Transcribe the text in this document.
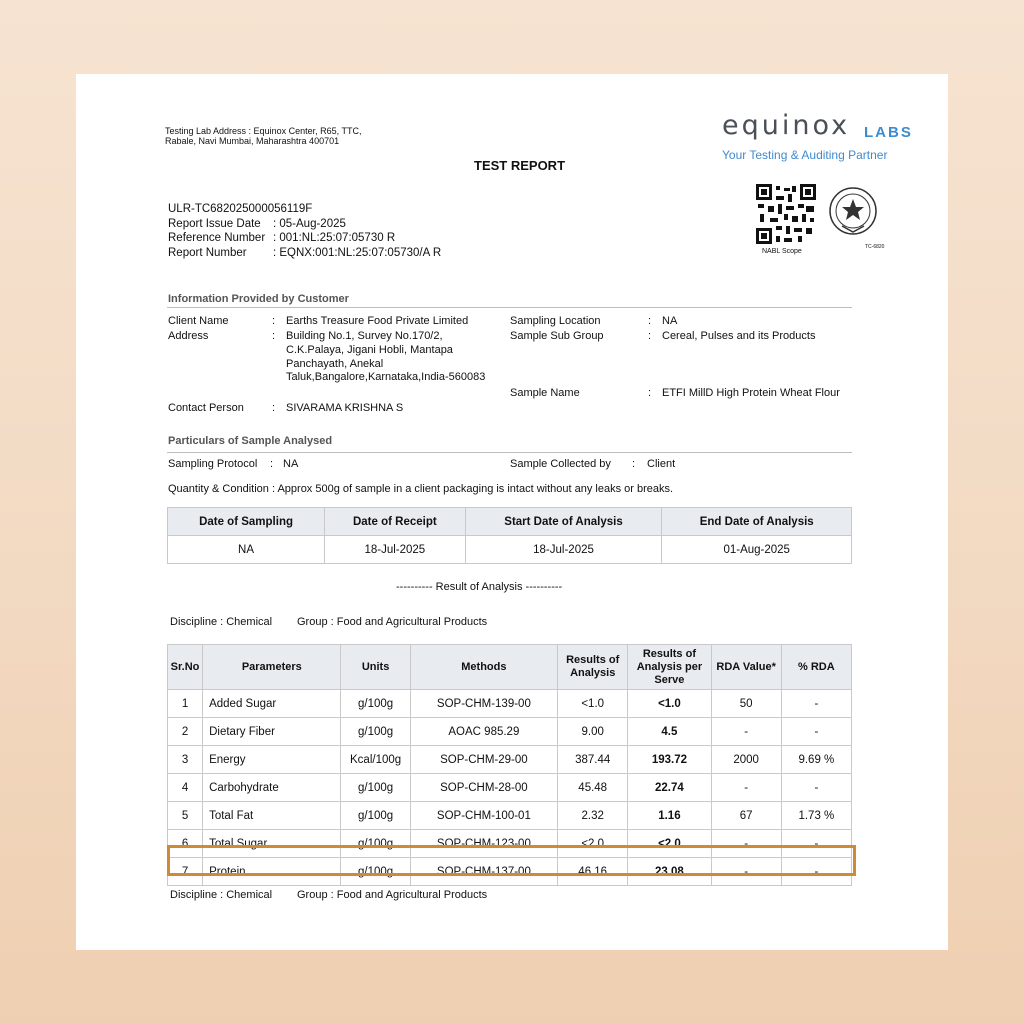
Testing Lab Address : Equinox Center, R65, TTC, Rabale, Navi Mumbai, Maharashtra 400701
TEST REPORT
equinox LABS
Your Testing & Auditing Partner
NABL Scope
TC-6820
ULR-TC682025000056119F
Report Issue Date : 05-Aug-2025
Reference Number : 001:NL:25:07:05730 R
Report Number : EQNX:001:NL:25:07:05730/A R
Information Provided by Customer
Client Name	: Earths Treasure Food Private Limited
Address	: Building No.1, Survey No.170/2,
C.K.Palaya, Jigani Hobli, Mantapa
Panchayath, Anekal
Taluk,Bangalore,Karnataka,India-560083
Contact Person	: SIVARAMA KRISHNA S
Sampling Location	: NA
Sample Sub Group	: Cereal, Pulses and its Products
Sample Name	: ETFI MillD High Protein Wheat Flour
Particulars of Sample Analysed
Sampling Protocol : NA	Sample Collected by : Client
Quantity & Condition : Approx 500g of sample in a client packaging is intact without any leaks or breaks.
Date of Sampling	Date of Receipt	Start Date of Analysis	End Date of Analysis
NA	18-Jul-2025	18-Jul-2025	01-Aug-2025
---------- Result of Analysis ----------
Discipline : Chemical Group : Food and Agricultural Products
Sr.No	Parameters	Units	Methods	Results of Analysis	Results of Analysis per Serve	RDA Value*	% RDA
1	Added Sugar	g/100g	SOP-CHM-139-00	<1.0	<1.0	50	-
2	Dietary Fiber	g/100g	AOAC 985.29	9.00	4.5	-	-
3	Energy	Kcal/100g	SOP-CHM-29-00	387.44	193.72	2000	9.69 %
4	Carbohydrate	g/100g	SOP-CHM-28-00	45.48	22.74	-	-
5	Total Fat	g/100g	SOP-CHM-100-01	2.32	1.16	67	1.73 %
6	Total Sugar	g/100g	SOP-CHM-123-00	<2.0	<2.0	-	-
7	Protein	g/100g	SOP-CHM-137-00	46.16	23.08	-	-
Discipline : Chemical Group : Food and Agricultural Products
